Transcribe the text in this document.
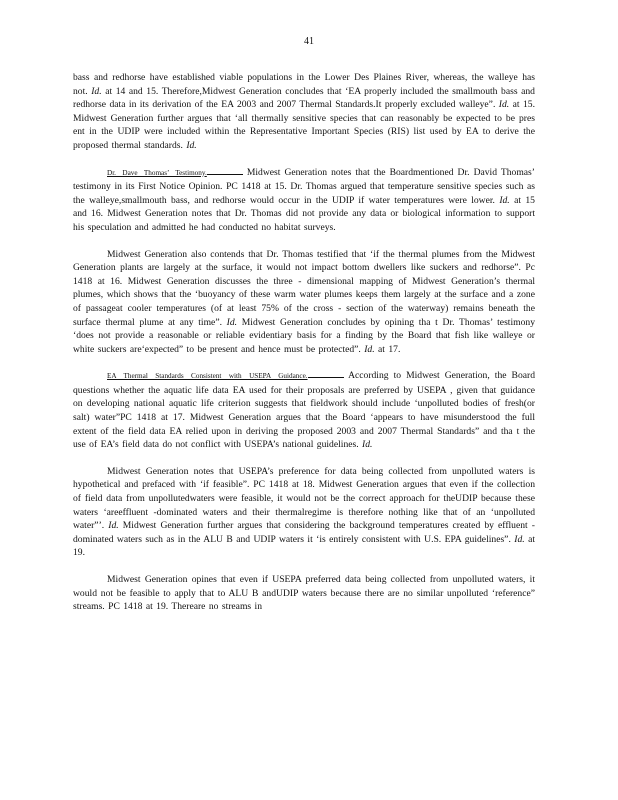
41

bass and redhorse have established viable populations in the Lower Des Plaines River, whereas, the walleye has not. Id. at 14 and 15. Therefore,Midwest Generation concludes that ‘EA properly included the smallmouth bass and redhorse data in its derivation of the EA 2003 and 2007 Thermal Standards.It properly excluded walleye”. Id. at 15. Midwest Generation further argues that ‘all thermally sensitive species that can reasonably be expected to be pres ent in the UDIP were included within the Representative Important Species (RIS) list used by EA to derive the proposed thermal standards. Id.

Dr. Dave Thomas’ Testimony.	Midwest Generation notes that the Boardmentioned Dr. David Thomas’ testimony in its First Notice Opinion. PC 1418 at 15. Dr. Thomas argued that temperature sensitive species such as the walleye,smallmouth bass, and redhorse would occur in the UDIP if water temperatures were lower. Id. at 15 and 16. Midwest Generation notes that Dr. Thomas did not provide any data or biological information to support his speculation and admitted he had conducted no habitat surveys.

Midwest Generation also contends that Dr. Thomas testified that ‘if the thermal plumes from the Midwest Generation plants are largely at the surface, it would not impact bottom dwellers like suckers and redhorse”. Pc 1418 at 16. Midwest Generation discusses the three - dimensional mapping of Midwest Generation’s thermal plumes, which shows that the ‘buoyancy of these warm water plumes keeps them largely at the surface and a zone of passageat cooler temperatures (of at least 75% of the cross - section of the waterway) remains beneath the surface thermal plume at any time”. Id. Midwest Generation concludes by opining tha t Dr. Thomas’ testimony ‘does not provide a reasonable or reliable evidentiary basis for a finding by the Board that fish like walleye or white suckers are‘expected” to be present and hence must be protected”. Id. at 17.

EA Thermal Standards Consistent with USEPA Guidance.	According to Midwest Generation, the Board questions whether the aquatic life data EA used for their proposals are preferred by USEPA , given that guidance on developing national aquatic life criterion suggests that fieldwork should include ‘unpolluted bodies of fresh(or salt) water”PC 1418 at 17. Midwest Generation argues that the Board ‘appears to have misunderstood the full extent of the field data EA relied upon in deriving the proposed 2003 and 2007 Thermal Standards” and tha t the use of EA’s field data do not conflict with USEPA’s national guidelines. Id.

Midwest Generation notes that USEPA’s preference for data being collected from unpolluted waters is hypothetical and prefaced with ‘if feasible”. PC 1418 at 18. Midwest Generation argues that even if the collection of field data from unpollutedwaters were feasible, it would not be the correct approach for theUDIP because these waters ‘areeffluent -dominated waters and their thermalregime is therefore nothing like that of an ‘unpolluted water”’. Id. Midwest Generation further argues that considering the background temperatures created by effluent -dominated waters such as in the ALU B and UDIP waters it ‘is entirely consistent with U.S. EPA guidelines”. Id. at 19.

Midwest Generation opines that even if USEPA preferred data being collected from unpolluted waters, it would not be feasible to apply that to ALU B andUDIP waters because there are no similar unpolluted ‘reference” streams. PC 1418 at 19. Thereare no streams in
